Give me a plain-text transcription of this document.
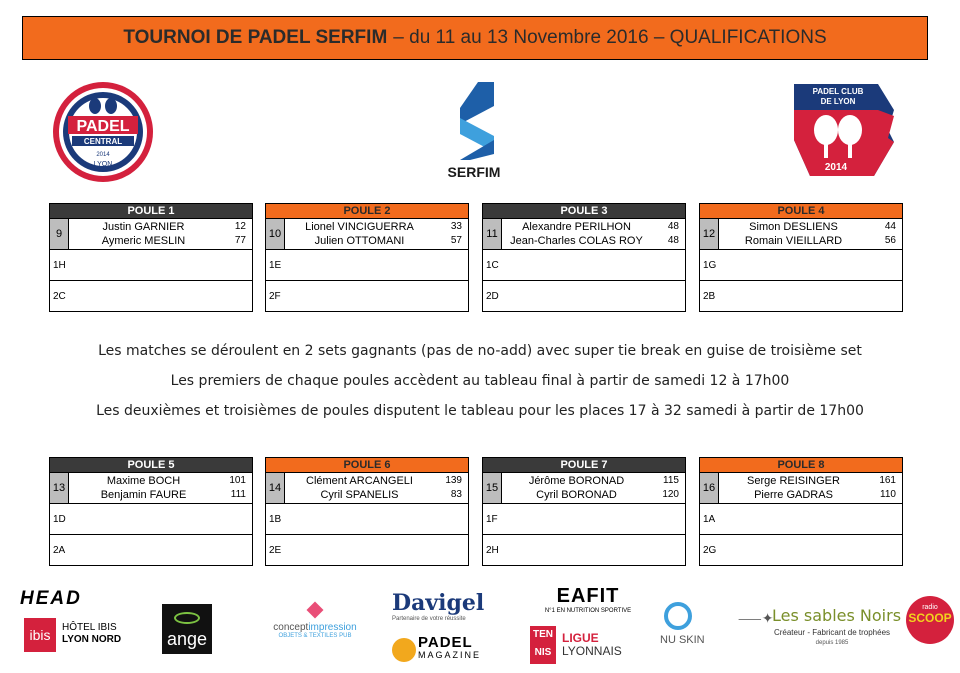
TOURNOI DE PADEL SERFIM – du 11 au 13 Novembre 2016 – QUALIFICATIONS
PADEL
CENTRAL
2014
LYON	SERFIM
PADEL CLUB
DE LYON
2014
POULE 1
9
Justin GARNIER	12
Aymeric MESLIN	77
1H
2C
POULE 2
10
Lionel VINCIGUERRA	33
Julien OTTOMANI	57
1E
2F
POULE 3
11
Alexandre PERILHON	48
Jean-Charles COLAS ROY	48
1C
2D
POULE 4
12
Simon DESLIENS	44
Romain VIEILLARD	56
1G
2B
Les matches se déroulent en 2 sets gagnants (pas de no-add) avec super tie break en guise de troisième set
Les premiers de chaque poules accèdent au tableau final à partir de samedi 12 à 17h00
Les deuxièmes et troisièmes de poules disputent le tableau pour les places 17 à 32 samedi à partir de 17h00
POULE 5
13
Maxime BOCH	101
Benjamin FAURE	111
1D
2A
POULE 6
14
Clément ARCANGELI	139
Cyril SPANELIS	83
1B
2E
POULE 7
15
Jérôme BORONAD	115
Cyril BORONAD	120
1F
2H
POULE 8
16
Serge REISINGER	161
Pierre GADRAS	110
1A
2G
HEAD
ibis	HÔTEL IBIS
LYON NORD	ange
conceptimpression
OBJETS & TEXTILES PUB
Davigel
Partenaire de votre réussite
PADEL
MAGAZINE
EAFIT
N°1 EN NUTRITION SPORTIVE
TEN
NIS
LIGUE
LYONNAIS
NU SKIN
⸺✦
Les sables Noirs
Créateur - Fabricant de trophées
depuis 1985
radio
SCOOP
